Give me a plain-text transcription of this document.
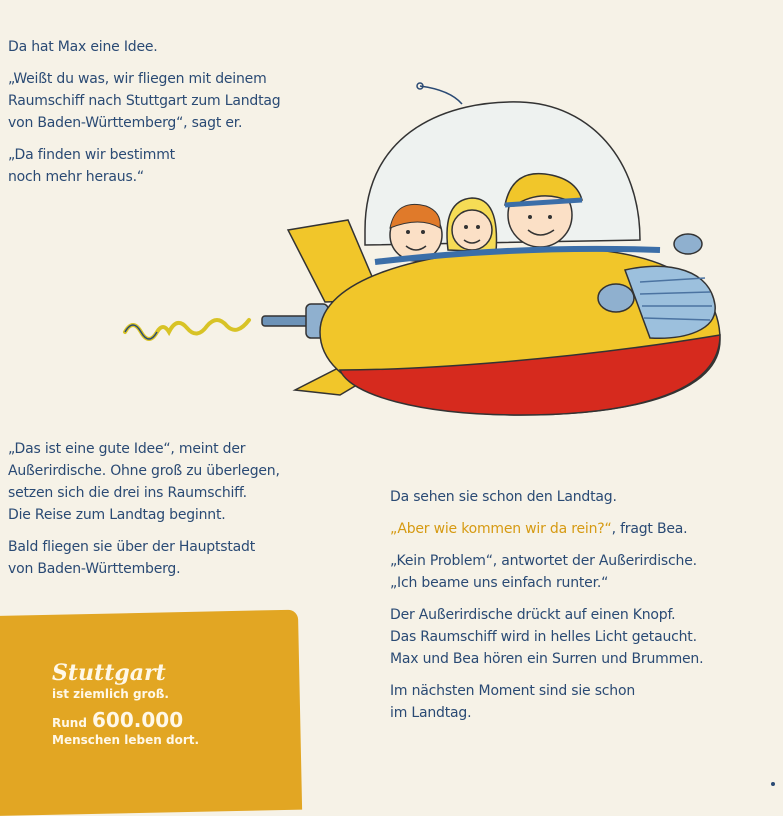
Da hat Max eine Idee.

„Weißt du was, wir fliegen mit deinem

Raumschiff nach Stuttgart zum Landtag

von Baden-Württemberg“, sagt er.

„Da finden wir bestimmt

noch mehr heraus.“

„Das ist eine gute Idee“, meint der

Außerirdische. Ohne groß zu überlegen,

setzen sich die drei ins Raumschiff.

Die Reise zum Landtag beginnt.

Bald fliegen sie über der Hauptstadt

von Baden-Württemberg.

Da sehen sie schon den Landtag.

„Aber wie kommen wir da rein?“, fragt Bea.

„Kein Problem“, antwortet der Außerirdische.

„Ich beame uns einfach runter.“

Der Außerirdische drückt auf einen Knopf.

Das Raumschiff wird in helles Licht getaucht.

Max und Bea hören ein Surren und Brummen.

Im nächsten Moment sind sie schon

im Landtag.

Stuttgart
ist ziemlich groß.
Rund 600.000
Menschen leben dort.
